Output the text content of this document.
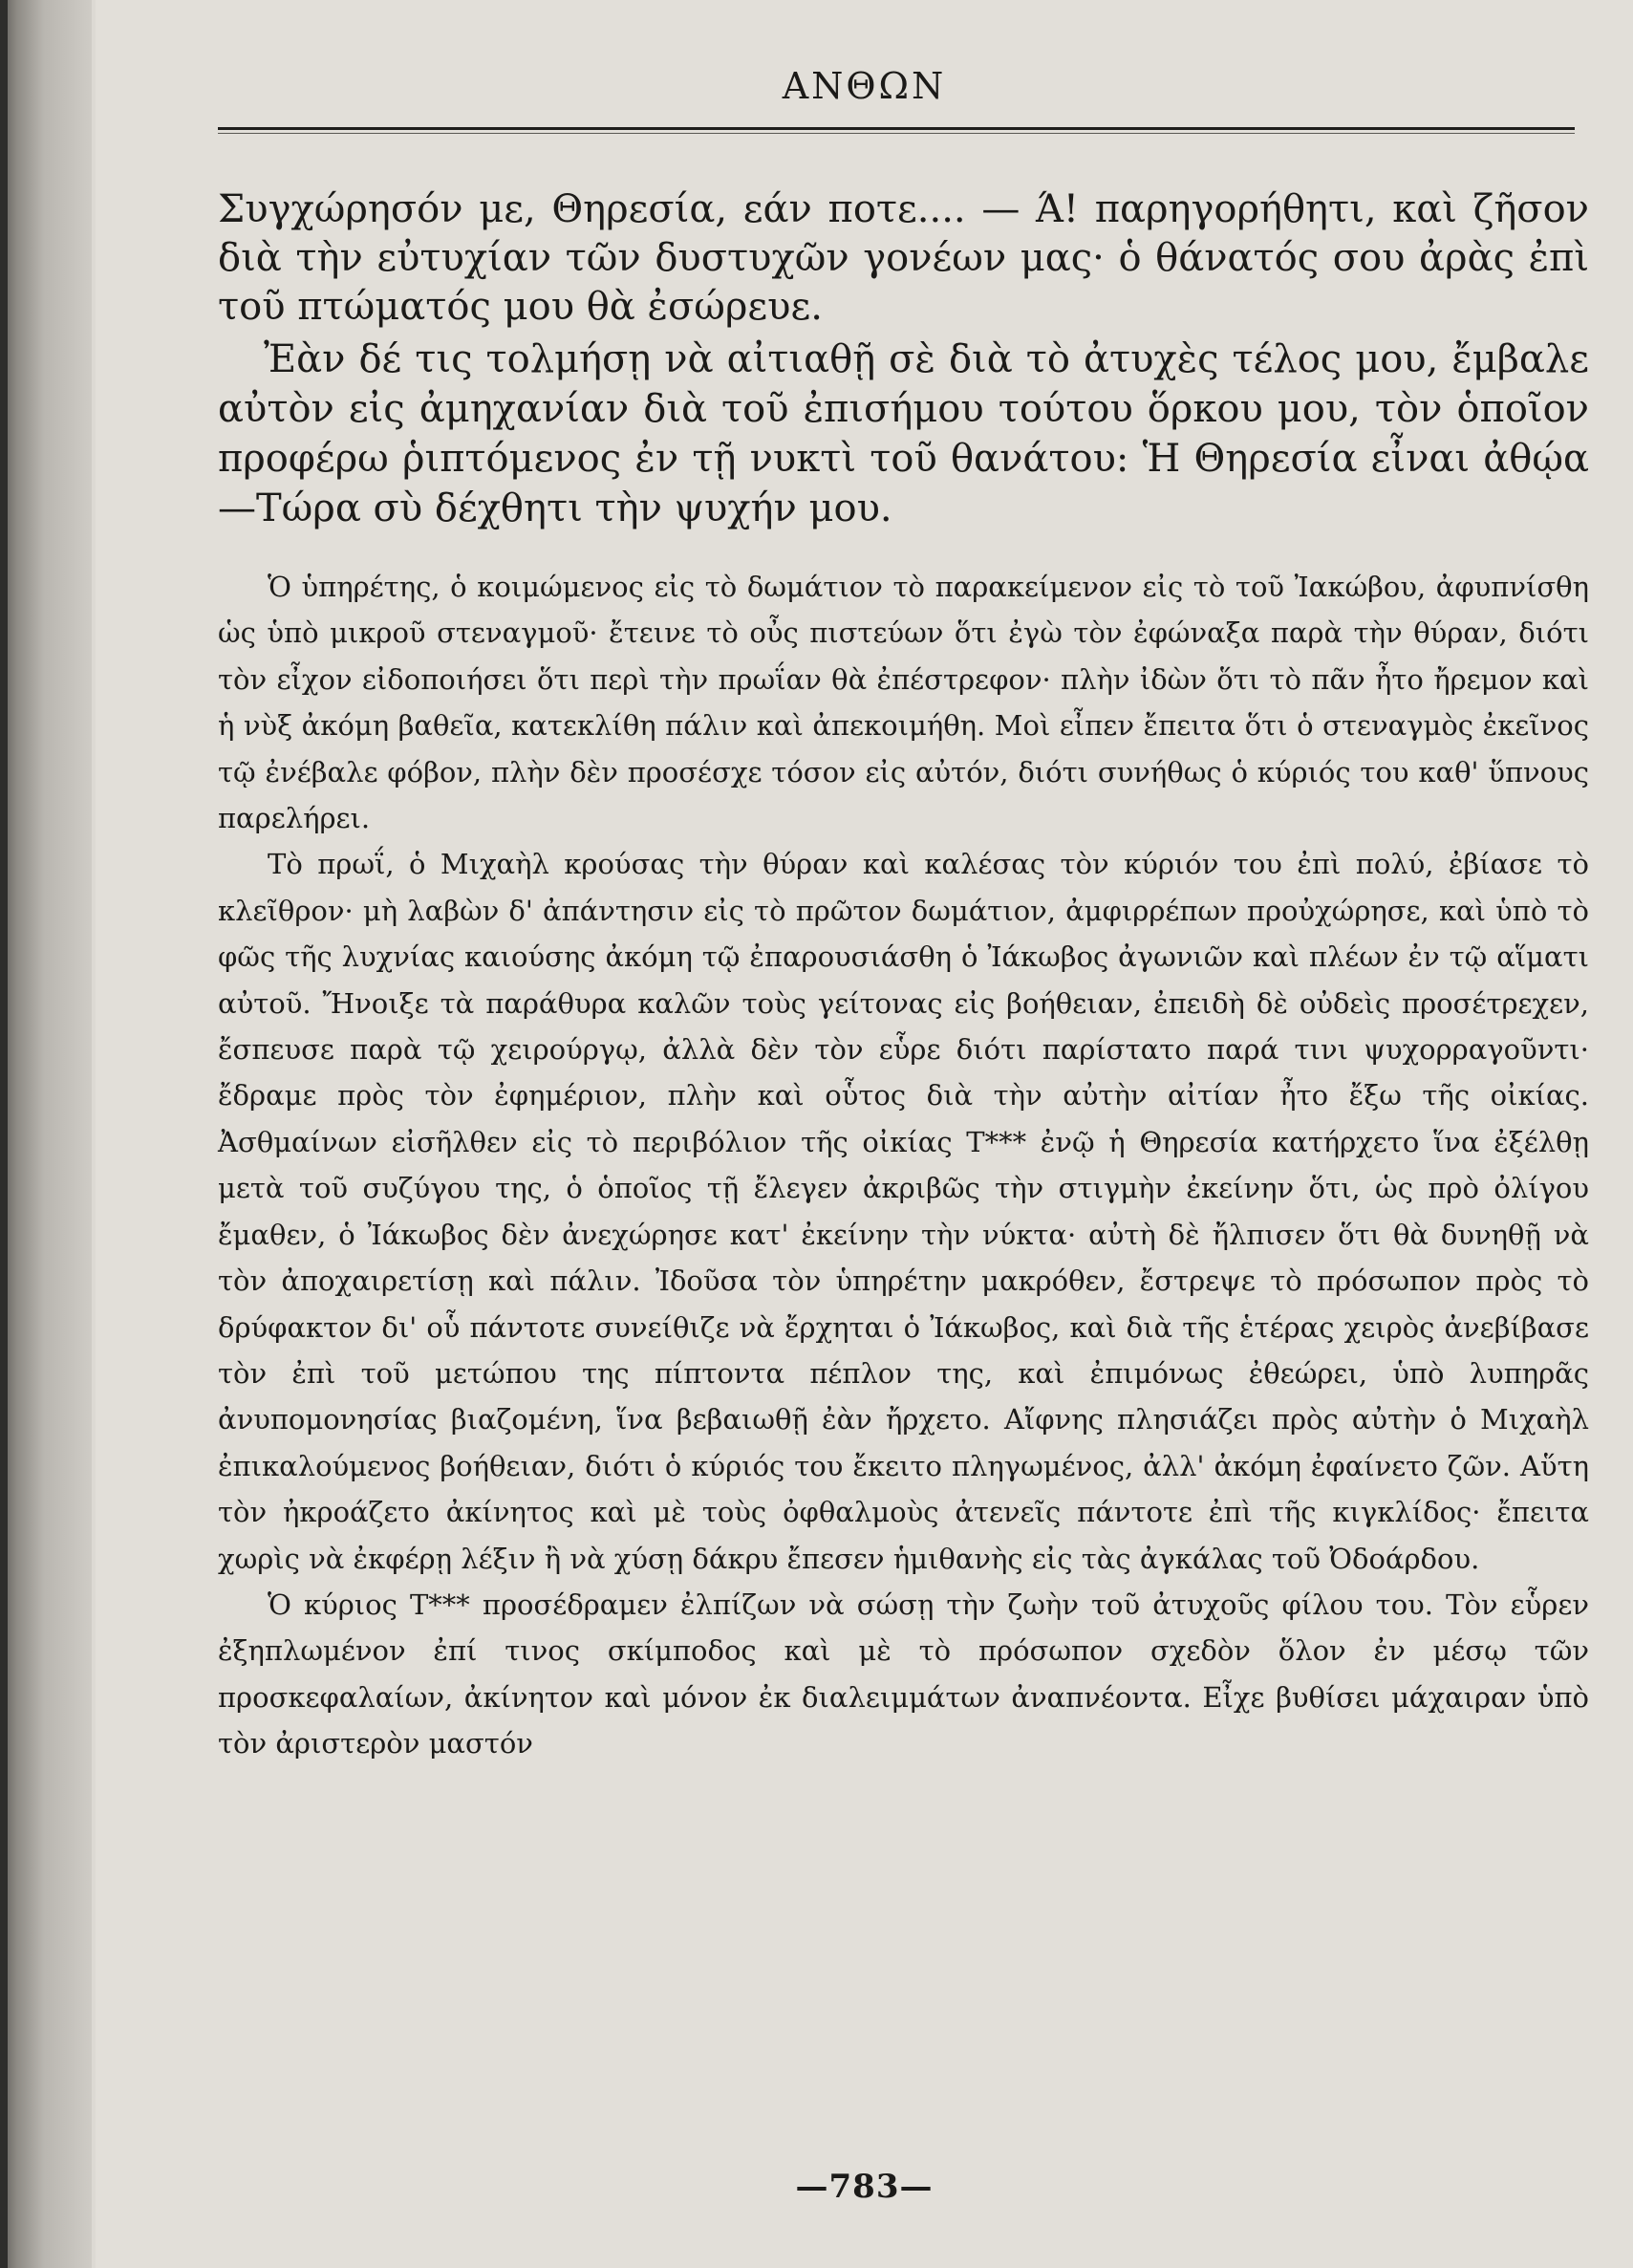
ΑΝΘΩΝ

Συγχώρησόν με, Θηρεσία, εάν ποτε.... — Ά! παρηγορήθητι, καὶ ζῆσον διὰ τὴν εὐτυχίαν τῶν δυστυχῶν γονέων μας· ὁ θάνατός σου ἀρὰς ἐπὶ τοῦ πτώματός μου θὰ ἐσώρευε.

Ἐὰν δέ τις τολμήσῃ νὰ αἰτιαθῇ σὲ διὰ τὸ ἀτυχὲς τέλος μου, ἔμβαλε αὐτὸν εἰς ἀμηχανίαν διὰ τοῦ ἐπισήμου τούτου ὅρκου μου, τὸν ὁποῖον προφέρω ῥιπτόμενος ἐν τῇ νυκτὶ τοῦ θανάτου: Ἡ Θηρεσία εἶναι ἀθῴα—Τώρα σὺ δέχθητι τὴν ψυχήν μου.

Ὁ ὑπηρέτης, ὁ κοιμώμενος εἰς τὸ δωμάτιον τὸ παρακείμενον εἰς τὸ τοῦ Ἰακώβου, ἀφυπνίσθη ὡς ὑπὸ μικροῦ στεναγμοῦ· ἔτεινε τὸ οὖς πιστεύων ὅτι ἐγὼ τὸν ἐφώναξα παρὰ τὴν θύραν, διότι τὸν εἶχον εἰδοποιήσει ὅτι περὶ τὴν πρωΐαν θὰ ἐπέστρεφον· πλὴν ἰδὼν ὅτι τὸ πᾶν ἦτο ἤρεμον καὶ ἡ νὺξ ἀκόμη βαθεῖα, κατεκλίθη πάλιν καὶ ἀπεκοιμήθη. Μοὶ εἶπεν ἔπειτα ὅτι ὁ στεναγμὸς ἐκεῖνος τῷ ἐνέβαλε φόβον, πλὴν δὲν προσέσχε τόσον εἰς αὐτόν, διότι συνήθως ὁ κύριός του καθ' ὕπνους παρελήρει.

Τὸ πρωΐ, ὁ Μιχαὴλ κρούσας τὴν θύραν καὶ καλέσας τὸν κύριόν του ἐπὶ πολύ, ἐβίασε τὸ κλεῖθρον· μὴ λαβὼν δ' ἀπάντησιν εἰς τὸ πρῶτον δωμάτιον, ἀμφιρρέπων προὐχώρησε, καὶ ὑπὸ τὸ φῶς τῆς λυχνίας καιούσης ἀκόμη τῷ ἐπαρουσιάσθη ὁ Ἰάκωβος ἀγωνιῶν καὶ πλέων ἐν τῷ αἵματι αὐτοῦ. Ἤνοιξε τὰ παράθυρα καλῶν τοὺς γείτονας εἰς βοήθειαν, ἐπειδὴ δὲ οὐδεὶς προσέτρεχεν, ἔσπευσε παρὰ τῷ χειρούργῳ, ἀλλὰ δὲν τὸν εὗρε διότι παρίστατο παρά τινι ψυχορραγοῦντι· ἔδραμε πρὸς τὸν ἐφημέριον, πλὴν καὶ οὗτος διὰ τὴν αὐτὴν αἰτίαν ἦτο ἔξω τῆς οἰκίας. Ἀσθμαίνων εἰσῆλθεν εἰς τὸ περιβόλιον τῆς οἰκίας Τ*** ἐνῷ ἡ Θηρεσία κατήρχετο ἵνα ἐξέλθῃ μετὰ τοῦ συζύγου της, ὁ ὁποῖος τῇ ἔλεγεν ἀκριβῶς τὴν στιγμὴν ἐκείνην ὅτι, ὡς πρὸ ὀλίγου ἔμαθεν, ὁ Ἰάκωβος δὲν ἀνεχώρησε κατ' ἐκείνην τὴν νύκτα· αὐτὴ δὲ ἤλπισεν ὅτι θὰ δυνηθῇ νὰ τὸν ἀποχαιρετίσῃ καὶ πάλιν. Ἰδοῦσα τὸν ὑπηρέτην μακρόθεν, ἔστρεψε τὸ πρόσωπον πρὸς τὸ δρύφακτον δι' οὗ πάντοτε συνείθιζε νὰ ἔρχηται ὁ Ἰάκωβος, καὶ διὰ τῆς ἑτέρας χειρὸς ἀνεβίβασε τὸν ἐπὶ τοῦ μετώπου της πίπτοντα πέπλον της, καὶ ἐπιμόνως ἐθεώρει, ὑπὸ λυπηρᾶς ἀνυπομονησίας βιαζομένη, ἵνα βεβαιωθῇ ἐὰν ἤρχετο. Αἴφνης πλησιάζει πρὸς αὐτὴν ὁ Μιχαὴλ ἐπικαλούμενος βοήθειαν, διότι ὁ κύριός του ἔκειτο πληγωμένος, ἀλλ' ἀκόμη ἐφαίνετο ζῶν. Αὕτη τὸν ἠκροάζετο ἀκίνητος καὶ μὲ τοὺς ὀφθαλμοὺς ἀτενεῖς πάντοτε ἐπὶ τῆς κιγκλίδος· ἔπειτα χωρὶς νὰ ἐκφέρῃ λέξιν ἢ νὰ χύσῃ δάκρυ ἔπεσεν ἡμιθανὴς εἰς τὰς ἀγκάλας τοῦ Ὀδοάρδου.

Ὁ κύριος Τ*** προσέδραμεν ἐλπίζων νὰ σώσῃ τὴν ζωὴν τοῦ ἀτυχοῦς φίλου του. Τὸν εὗρεν ἐξηπλωμένον ἐπί τινος σκίμποδος καὶ μὲ τὸ πρόσωπον σχεδὸν ὅλον ἐν μέσῳ τῶν προσκεφαλαίων, ἀκίνητον καὶ μόνον ἐκ διαλειμμάτων ἀναπνέοντα. Εἶχε βυθίσει μάχαιραν ὑπὸ τὸν ἀριστερὸν μαστόν

—783—
